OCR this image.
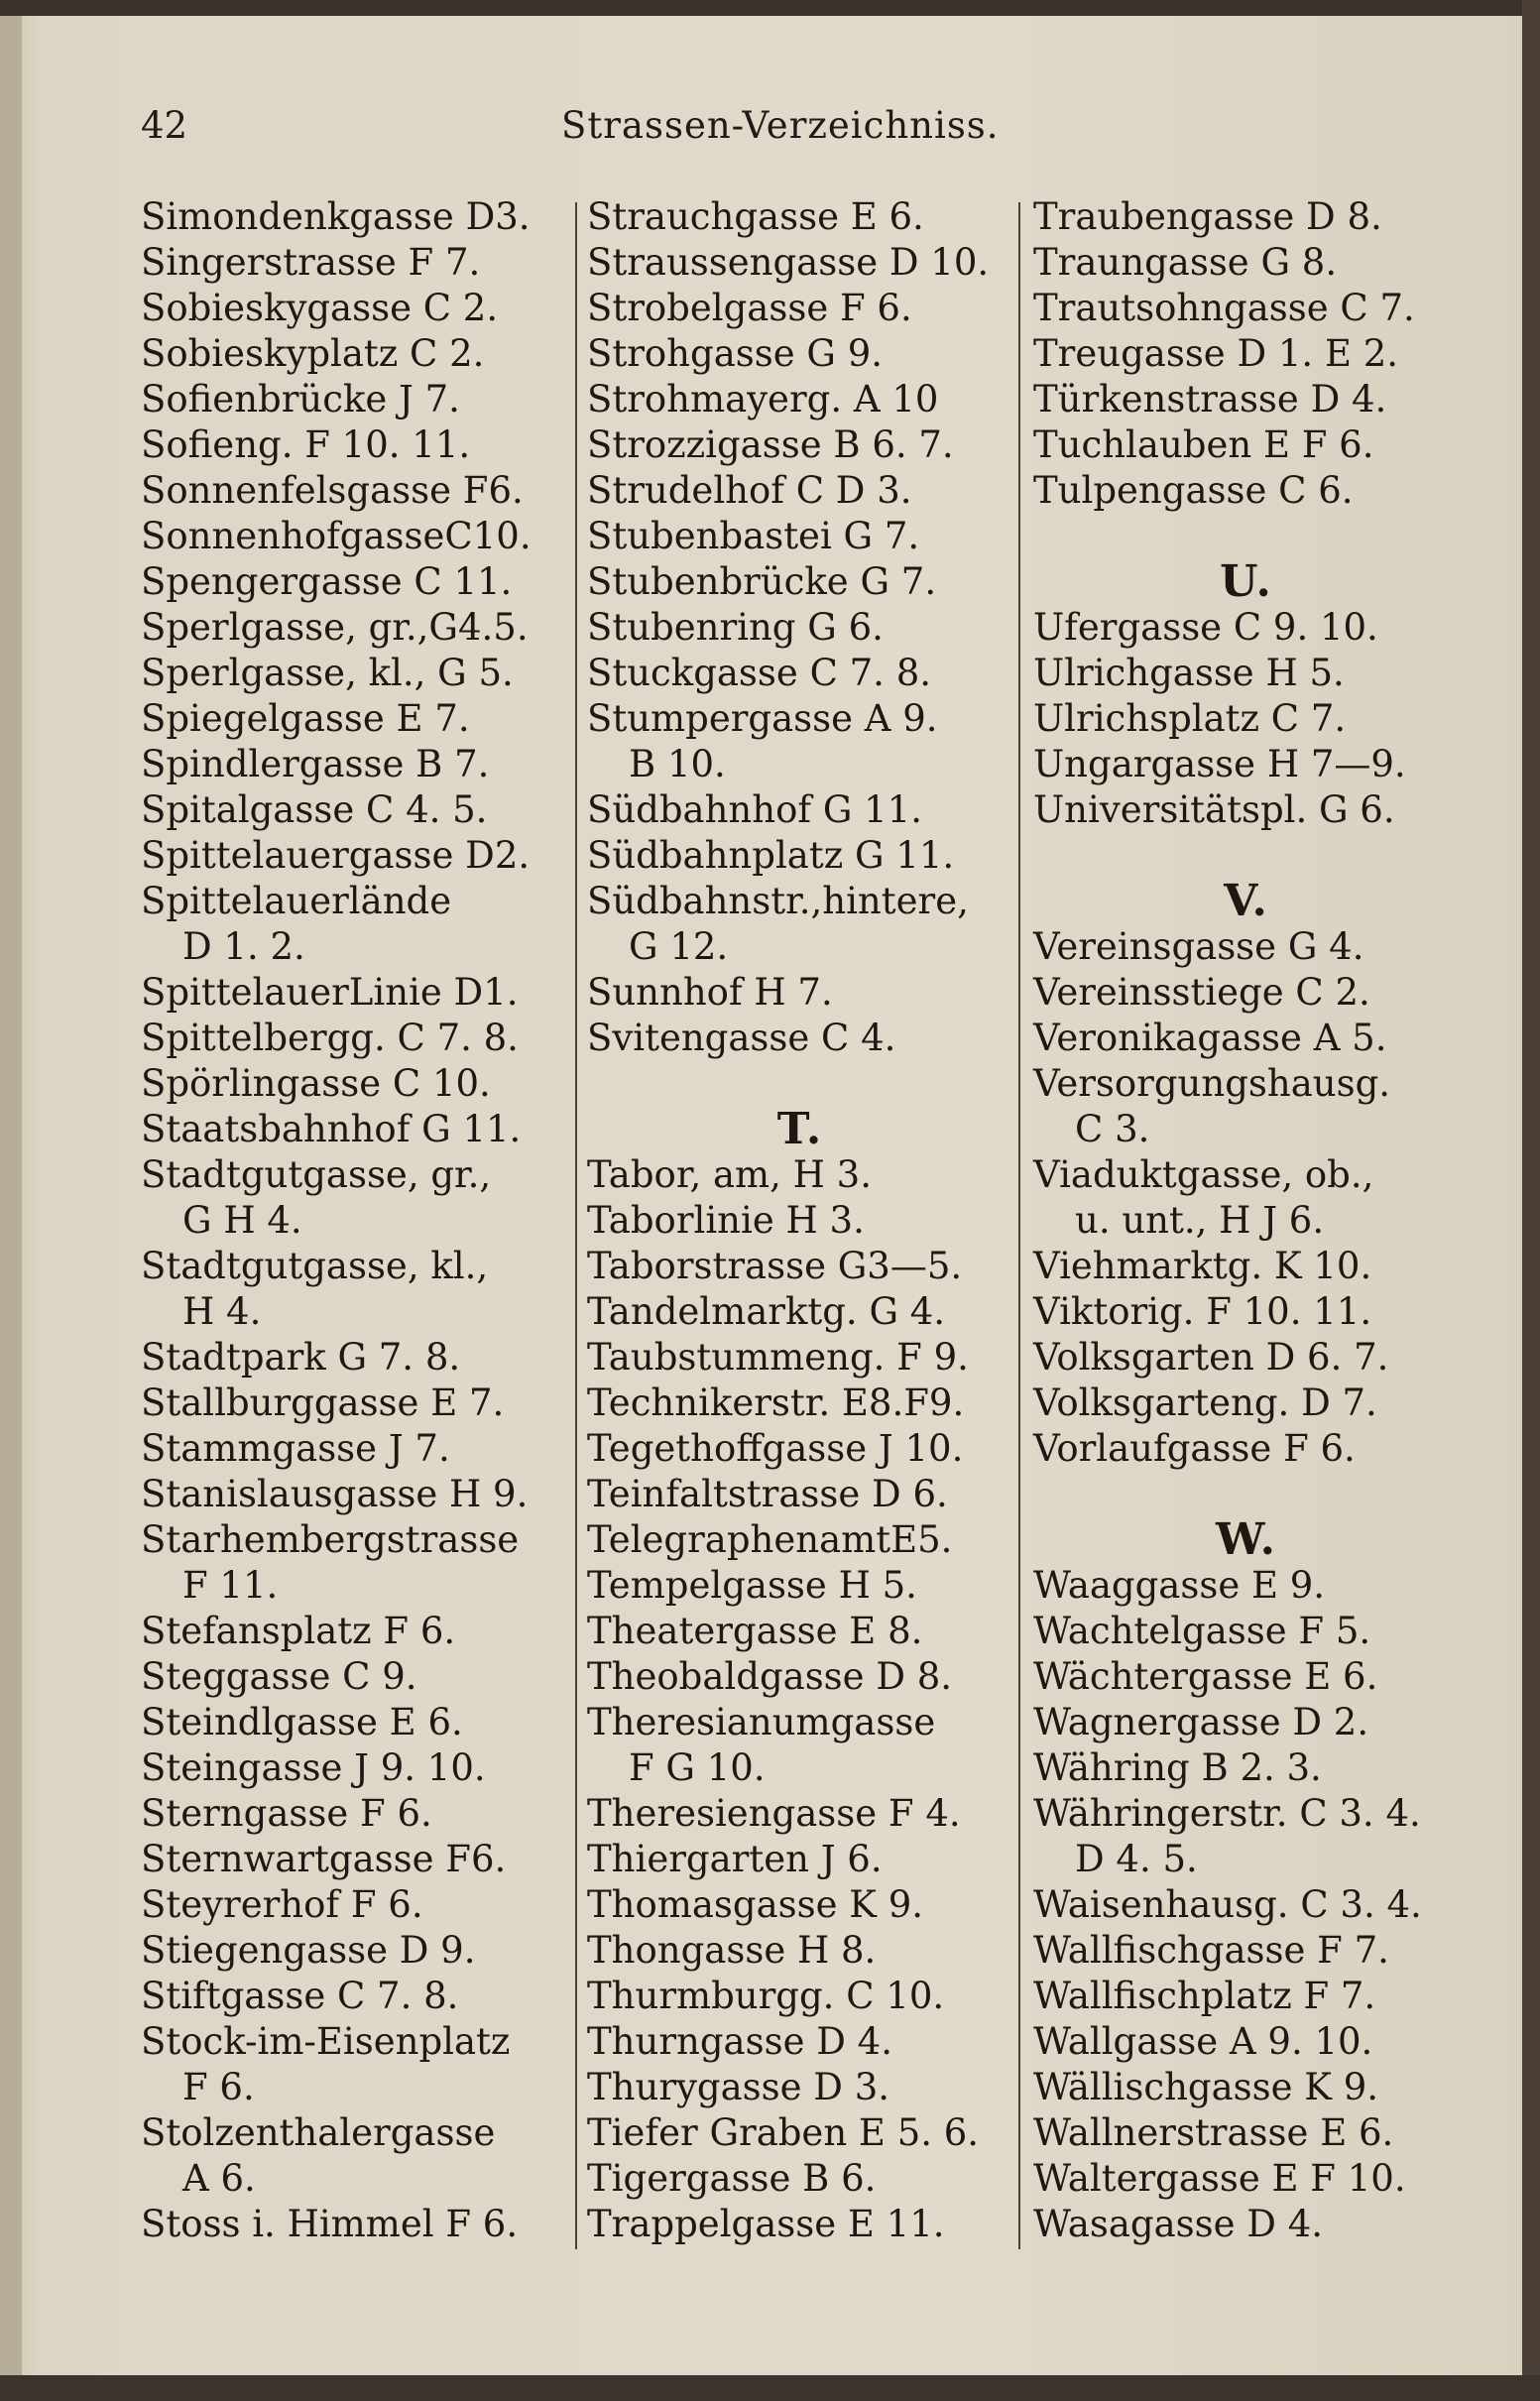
42	Strassen-Verzeichniss.
Simondenkgasse D3.
Singerstrasse F 7.
Sobieskygasse C 2.
Sobieskyplatz C 2.
Sofienbrücke J 7.
Sofieng. F 10. 11.
Sonnenfelsgasse F6.
SonnenhofgasseC10.
Spengergasse C 11.
Sperlgasse, gr.,G4.5.
Sperlgasse, kl., G 5.
Spiegelgasse E 7.
Spindlergasse B 7.
Spitalgasse C 4. 5.
Spittelauergasse D2.
Spittelauerlände
D 1. 2.
SpittelauerLinie D1.
Spittelbergg. C 7. 8.
Spörlingasse C 10.
Staatsbahnhof G 11.
Stadtgutgasse, gr.,
G H 4.
Stadtgutgasse, kl.,
H 4.
Stadtpark G 7. 8.
Stallburggasse E 7.
Stammgasse J 7.
Stanislausgasse H 9.
Starhembergstrasse
F 11.
Stefansplatz F 6.
Steggasse C 9.
Steindlgasse E 6.
Steingasse J 9. 10.
Sterngasse F 6.
Sternwartgasse F6.
Steyrerhof F 6.
Stiegengasse D 9.
Stiftgasse C 7. 8.
Stock-im-Eisenplatz
F 6.
Stolzenthalergasse
A 6.
Stoss i. Himmel F 6.
Strauchgasse E 6.
Straussengasse D 10.
Strobelgasse F 6.
Strohgasse G 9.
Strohmayerg. A 10
Strozzigasse B 6. 7.
Strudelhof C D 3.
Stubenbastei G 7.
Stubenbrücke G 7.
Stubenring G 6.
Stuckgasse C 7. 8.
Stumpergasse A 9.
B 10.
Südbahnhof G 11.
Südbahnplatz G 11.
Südbahnstr.,hintere,
G 12.
Sunnhof H 7.
Svitengasse C 4.
T.
Tabor, am, H 3.
Taborlinie H 3.
Taborstrasse G3—5.
Tandelmarktg. G 4.
Taubstummeng. F 9.
Technikerstr. E8.F9.
Tegethoffgasse J 10.
Teinfaltstrasse D 6.
TelegraphenamtE5.
Tempelgasse H 5.
Theatergasse E 8.
Theobaldgasse D 8.
Theresianumgasse
F G 10.
Theresiengasse F 4.
Thiergarten J 6.
Thomasgasse K 9.
Thongasse H 8.
Thurmburgg. C 10.
Thurngasse D 4.
Thurygasse D 3.
Tiefer Graben E 5. 6.
Tigergasse B 6.
Trappelgasse E 11.
Traubengasse D 8.
Traungasse G 8.
Trautsohngasse C 7.
Treugasse D 1. E 2.
Türkenstrasse D 4.
Tuchlauben E F 6.
Tulpengasse C 6.
U.
Ufergasse C 9. 10.
Ulrichgasse H 5.
Ulrichsplatz C 7.
Ungargasse H 7—9.
Universitätspl. G 6.
V.
Vereinsgasse G 4.
Vereinsstiege C 2.
Veronikagasse A 5.
Versorgungshausg.
C 3.
Viaduktgasse, ob.,
u. unt., H J 6.
Viehmarktg. K 10.
Viktorig. F 10. 11.
Volksgarten D 6. 7.
Volksgarteng. D 7.
Vorlaufgasse F 6.
W.
Waaggasse E 9.
Wachtelgasse F 5.
Wächtergasse E 6.
Wagnergasse D 2.
Währing B 2. 3.
Währingerstr. C 3. 4.
D 4. 5.
Waisenhausg. C 3. 4.
Wallfischgasse F 7.
Wallfischplatz F 7.
Wallgasse A 9. 10.
Wällischgasse K 9.
Wallnerstrasse E 6.
Waltergasse E F 10.
Wasagasse D 4.
